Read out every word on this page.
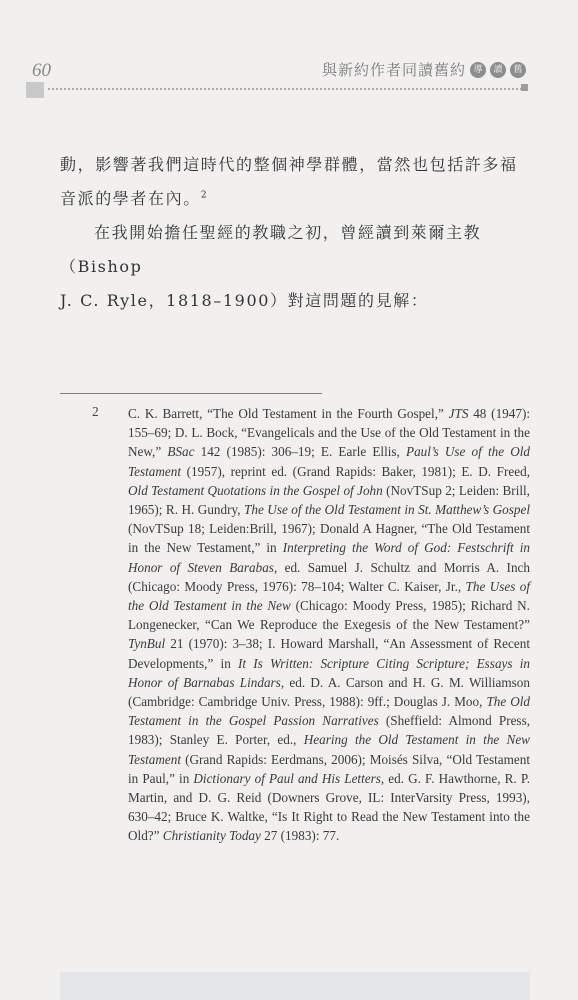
60	與新約作者同讀舊約 導	讀	舊

動，影響著我們這時代的整個神學群體，當然也包括許多福音派的學者在內。$^2$

在我開始擔任聖經的教職之初，曾經讀到萊爾主教（Bishop

J. C. Ryle，1818–1900）對這問題的見解：

2 C. K. Barrett, “The Old Testament in the Fourth Gospel,” JTS 48 (1947): 155–69; D. L. Bock, “Evangelicals and the Use of the Old Testament in the New,” BSac 142 (1985): 306–19; E. Earle Ellis, Paul’s Use of the Old Testament (1957), reprint ed. (Grand Rapids: Baker, 1981); E. D. Freed, Old Testament Quotations in the Gospel of John (NovTSup 2; Leiden: Brill, 1965); R. H. Gundry, The Use of the Old Testament in St. Matthew’s Gospel (NovTSup 18; Leiden:Brill, 1967); Donald A Hagner, “The Old Testament in the New Testament,” in Interpreting the Word of God: Festschrift in Honor of Steven Barabas, ed. Samuel J. Schultz and Morris A. Inch (Chicago: Moody Press, 1976): 78–104; Walter C. Kaiser, Jr., The Uses of the Old Testament in the New (Chicago: Moody Press, 1985); Richard N. Longenecker, “Can We Reproduce the Exegesis of the New Testament?” TynBul 21 (1970): 3–38; I. Howard Marshall, “An Assessment of Recent Developments,” in It Is Written: Scripture Citing Scripture; Essays in Honor of Barnabas Lindars, ed. D. A. Carson and H. G. M. Williamson (Cambridge: Cambridge Univ. Press, 1988): 9ff.; Douglas J. Moo, The Old Testament in the Gospel Passion Narratives (Sheffield: Almond Press, 1983); Stanley E. Porter, ed., Hearing the Old Testament in the New Testament (Grand Rapids: Eerdmans, 2006); Moisés Silva, “Old Testament in Paul,” in Dictionary of Paul and His Letters, ed. G. F. Hawthorne, R. P. Martin, and D. G. Reid (Downers Grove, IL: InterVarsity Press, 1993), 630–42; Bruce K. Waltke, “Is It Right to Read the New Testament into the Old?” Christianity Today 27 (1983): 77.
